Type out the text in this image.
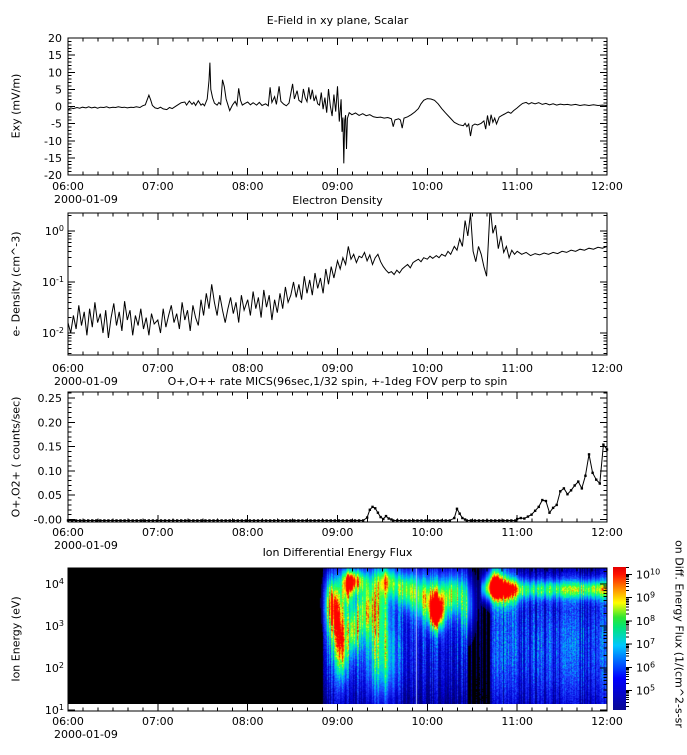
06:00	07:00	08:00	09:00	10:00	11:00	12:00
20
15
10
5
0
-5
-10
-15
-20
06:00	07:00	08:00	09:00	10:00	11:00	12:00
$10^0$
$10^{-1}$
$10^{-2}$
06:00	07:00	08:00	09:00	10:00	11:00	12:00
0.25
0.20
0.15
0.10
0.05
-0.00
06:00	07:00	08:00	09:00	10:00	11:00	12:00
$10^4$
$10^3$
$10^2$
$10^1$
$10^{10}$
$10^9$
$10^8$
$10^7$
$10^6$
$10^5$
E-Field in xy plane, Scalar
Electron Density
O+,O++ rate MICS(96sec,1/32 spin, +-1deg FOV perp to spin
Ion Differential Energy Flux
Exy (mV/m)
e- Density (cm^-3)
O+,O2+ ( counts/sec)
Ion Energy (eV)
2000-01-09
2000-01-09
2000-01-09
2000-01-09
on Diff. Energy Flux (1/(cm^2-s-sr
